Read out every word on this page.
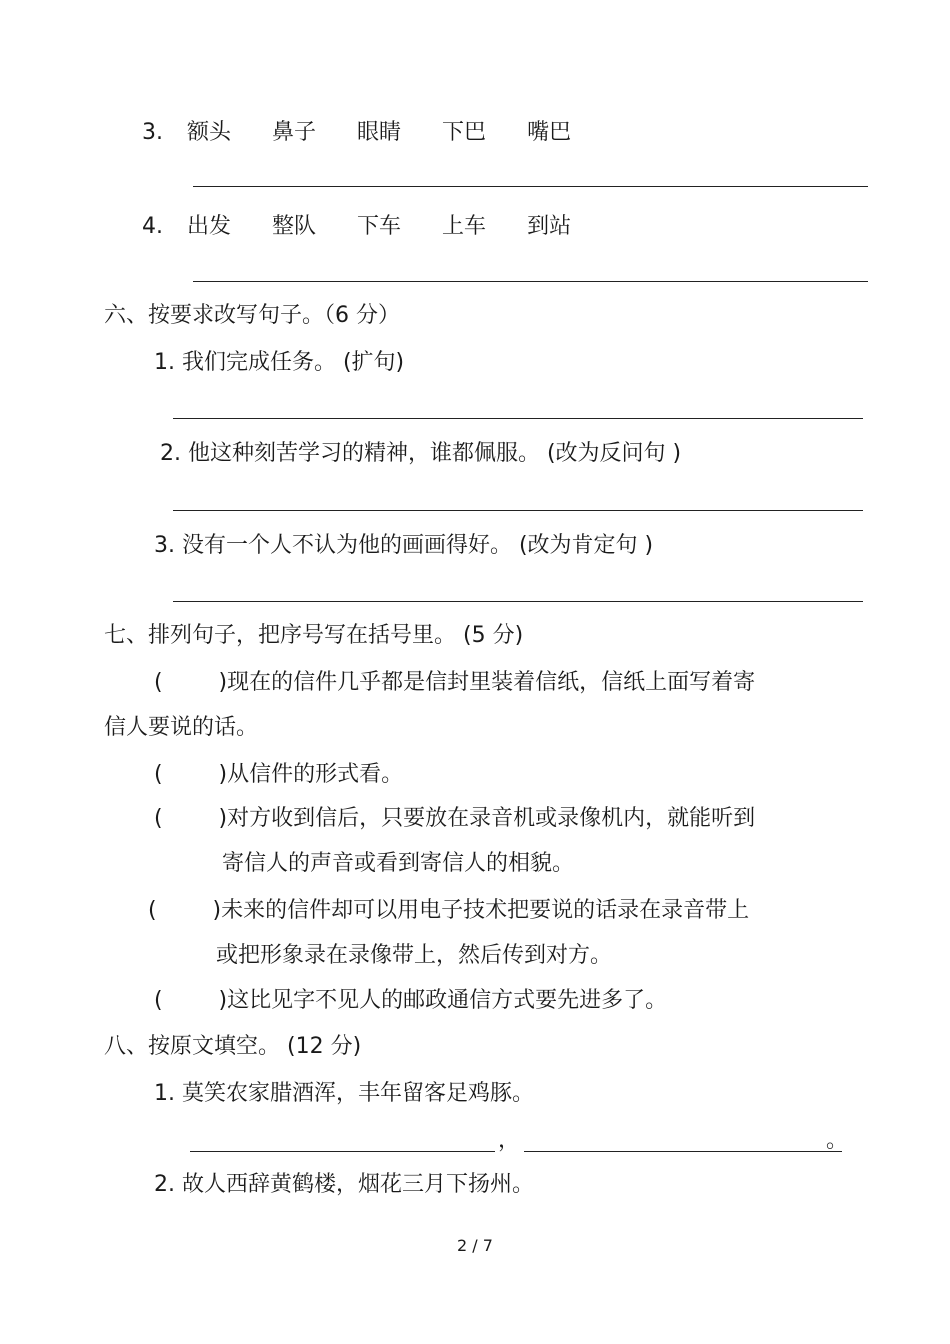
3. 额头 鼻子 眼睛 下巴 嘴巴
4. 出发 整队 下车 上车 到站
六、按要求改写句子。（6 分）
1. 我们完成任务。 (扩句)
2. 他这种刻苦学习的精神，谁都佩服。 (改为反问句 )
3. 没有一个人不认为他的画画得好。 (改为肯定句 )
七、排列句子，把序号写在括号里。 (5 分)
(        )现在的信件几乎都是信封里装着信纸，信纸上面写着寄
信人要说的话。
(        )从信件的形式看。
(        )对方收到信后，只要放在录音机或录像机内，就能听到
寄信人的声音或看到寄信人的相貌。
(        )未来的信件却可以用电子技术把要说的话录在录音带上
或把形象录在录像带上，然后传到对方。
(        )这比见字不见人的邮政通信方式要先进多了。
八、按原文填空。 (12 分)
1. 莫笑农家腊酒浑，丰年留客足鸡豚。
，	。
2. 故人西辞黄鹤楼，烟花三月下扬州。
2 / 7
